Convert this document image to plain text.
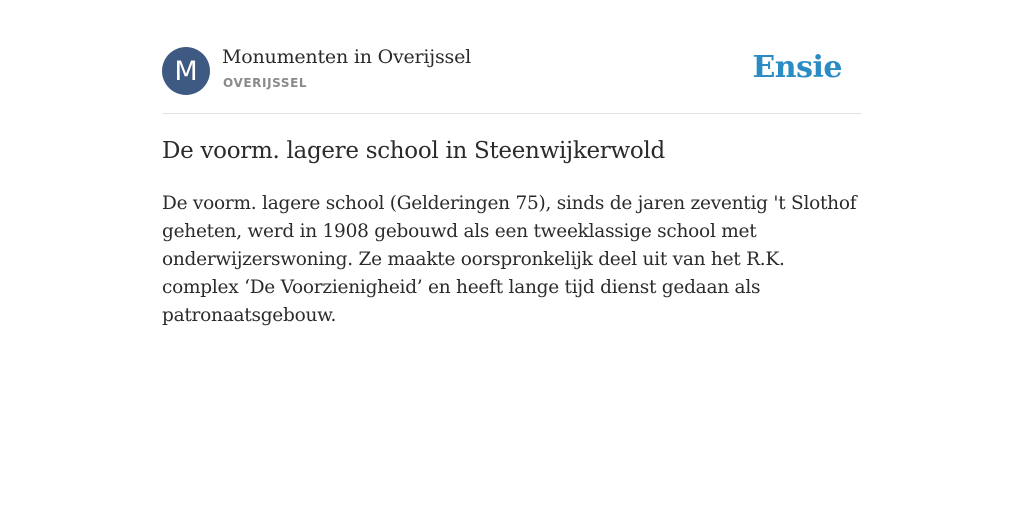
M	Monumenten in Overijssel
OVERIJSSEL	Ensie
De voorm. lagere school in Steenwijkerwold

De voorm. lagere school (Gelderingen 75), sinds de jaren zeventig 't Slothof geheten, werd in 1908 gebouwd als een tweeklassige school met onderwijzerswoning. Ze maakte oorspronkelijk deel uit van het R.K. complex ‘De Voorzienigheid’ en heeft lange tijd dienst gedaan als patronaatsgebouw.
